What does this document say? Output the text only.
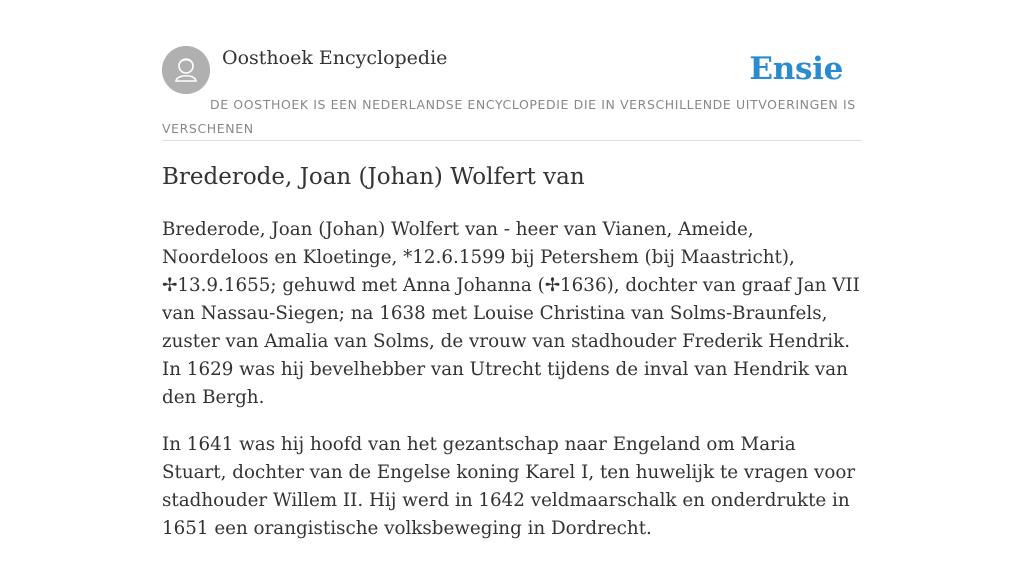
Oosthoek Encyclopedie	Ensie
DE OOSTHOEK IS EEN NEDERLANDSE ENCYCLOPEDIE DIE IN VERSCHILLENDE UITVOERINGEN IS VERSCHENEN
Brederode, Joan (Johan) Wolfert van

Brederode, Joan (Johan) Wolfert van - heer van Vianen, Ameide, Noordeloos en Kloetinge, *12.6.1599 bij Petershem (bij Maastricht), ✢13.9.1655; gehuwd met Anna Johanna (✢1636), dochter van graaf Jan VII van Nassau-Siegen; na 1638 met Louise Christina van Solms-Braunfels, zuster van Amalia van Solms, de vrouw van stadhouder Frederik Hendrik. In 1629 was hij bevelhebber van Utrecht tijdens de inval van Hendrik van den Bergh.

In 1641 was hij hoofd van het gezantschap naar Engeland om Maria Stuart, dochter van de Engelse koning Karel I, ten huwelijk te vragen voor stadhouder Willem II. Hij werd in 1642 veldmaarschalk en onderdrukte in 1651 een orangistische volksbeweging in Dordrecht.
